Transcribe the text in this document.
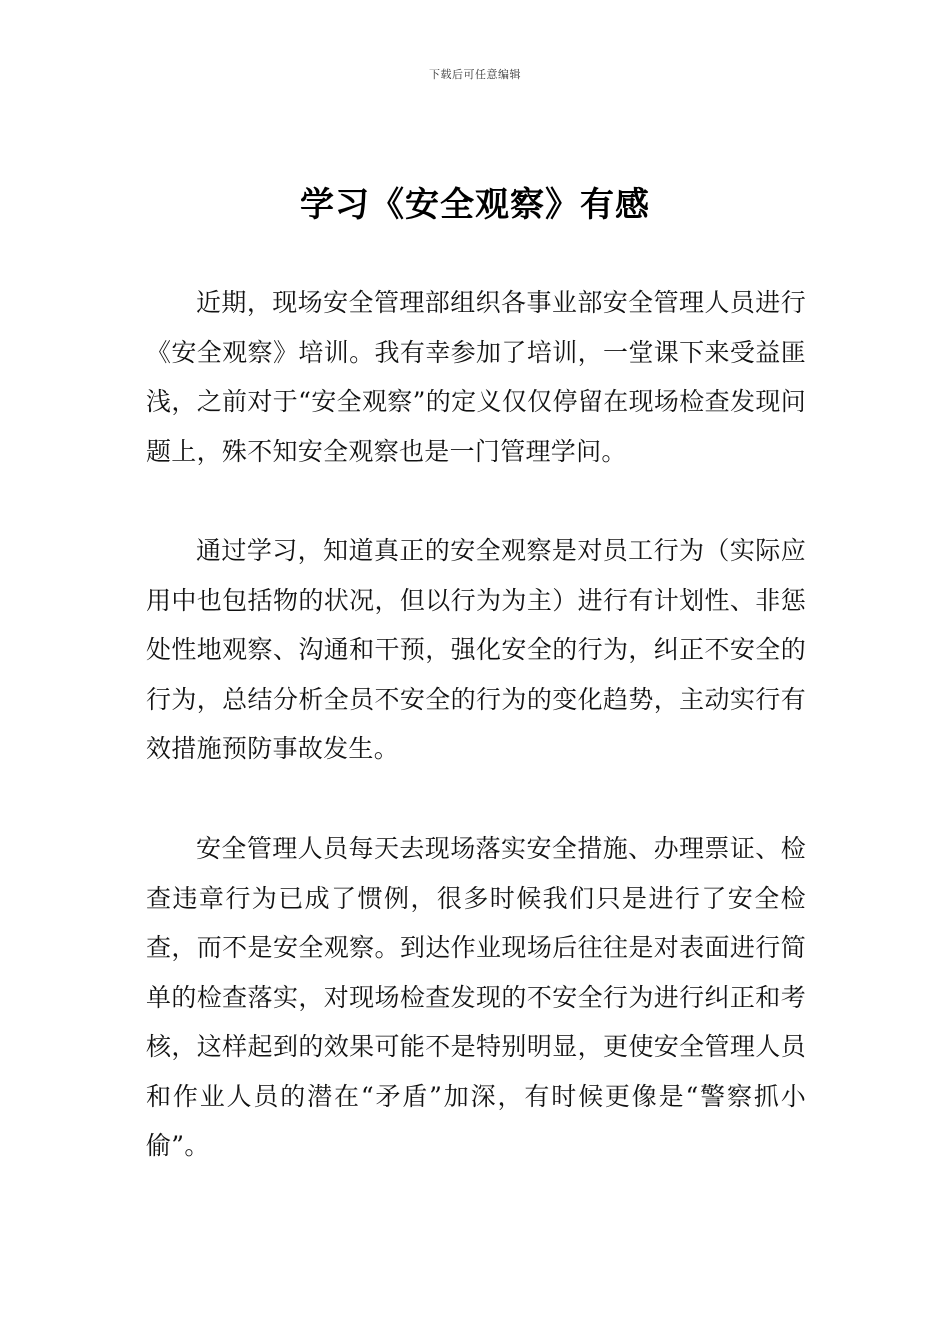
下载后可任意编辑
学习《安全观察》有感

近期，现场安全管理部组织各事业部安全管理人员进行《安全观察》培训。我有幸参加了培训，一堂课下来受益匪浅，之前对于“安全观察”的定义仅仅停留在现场检查发现问题上，殊不知安全观察也是一门管理学问。

通过学习，知道真正的安全观察是对员工行为（实际应用中也包括物的状况，但以行为为主）进行有计划性、非惩处性地观察、沟通和干预，强化安全的行为，纠正不安全的行为，总结分析全员不安全的行为的变化趋势，主动实行有效措施预防事故发生。

安全管理人员每天去现场落实安全措施、办理票证、检查违章行为已成了惯例，很多时候我们只是进行了安全检查，而不是安全观察。到达作业现场后往往是对表面进行简单的检查落实，对现场检查发现的不安全行为进行纠正和考核，这样起到的效果可能不是特别明显，更使安全管理人员和作业人员的潜在“矛盾”加深，有时候更像是“警察抓小偷”。
